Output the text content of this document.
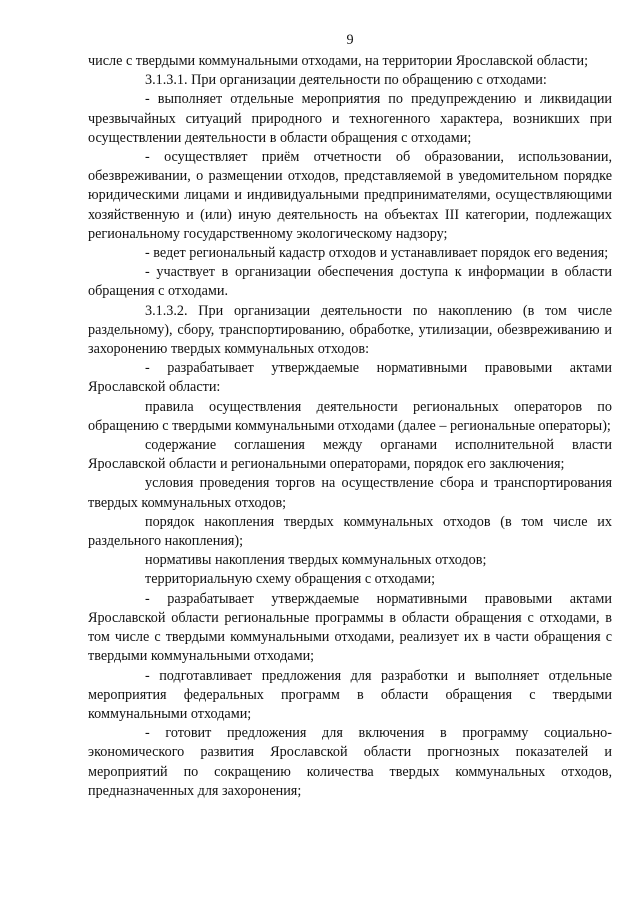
9

числе с твердыми коммунальными отходами, на территории Ярославской области;

3.1.3.1. При организации деятельности по обращению с отходами:

- выполняет отдельные мероприятия по предупреждению и ликвидации чрезвычайных ситуаций природного и техногенного характера, возникших при осуществлении деятельности в области обращения с отходами;

- осуществляет приём отчетности об образовании, использовании, обезвреживании, о размещении отходов, представляемой в уведомительном порядке юридическими лицами и индивидуальными предпринимателями, осуществляющими хозяйственную и (или) иную деятельность на объектах III категории, подлежащих региональному государственному экологическому надзору;

- ведет региональный кадастр отходов и устанавливает порядок его ведения;

- участвует в организации обеспечения доступа к информации в области обращения с отходами.

3.1.3.2. При организации деятельности по накоплению (в том числе раздельному), сбору, транспортированию, обработке, утилизации, обезвреживанию и захоронению твердых коммунальных отходов:

- разрабатывает утверждаемые нормативными правовыми актами Ярославской области:

правила осуществления деятельности региональных операторов по обращению с твердыми коммунальными отходами (далее – региональные операторы);

содержание соглашения между органами исполнительной власти Ярославской области и региональными операторами, порядок его заключения;

условия проведения торгов на осуществление сбора и транспортирования твердых коммунальных отходов;

порядок накопления твердых коммунальных отходов (в том числе их раздельного накопления);

нормативы накопления твердых коммунальных отходов;

территориальную схему обращения с отходами;

- разрабатывает утверждаемые нормативными правовыми актами Ярославской области региональные программы в области обращения с отходами, в том числе с твердыми коммунальными отходами, реализует их в части обращения с твердыми коммунальными отходами;

- подготавливает предложения для разработки и выполняет отдельные мероприятия федеральных программ в области обращения с твердыми коммунальными отходами;

- готовит предложения для включения в программу социально-экономического развития Ярославской области прогнозных показателей и мероприятий по сокращению количества твердых коммунальных отходов, предназначенных для захоронения;
